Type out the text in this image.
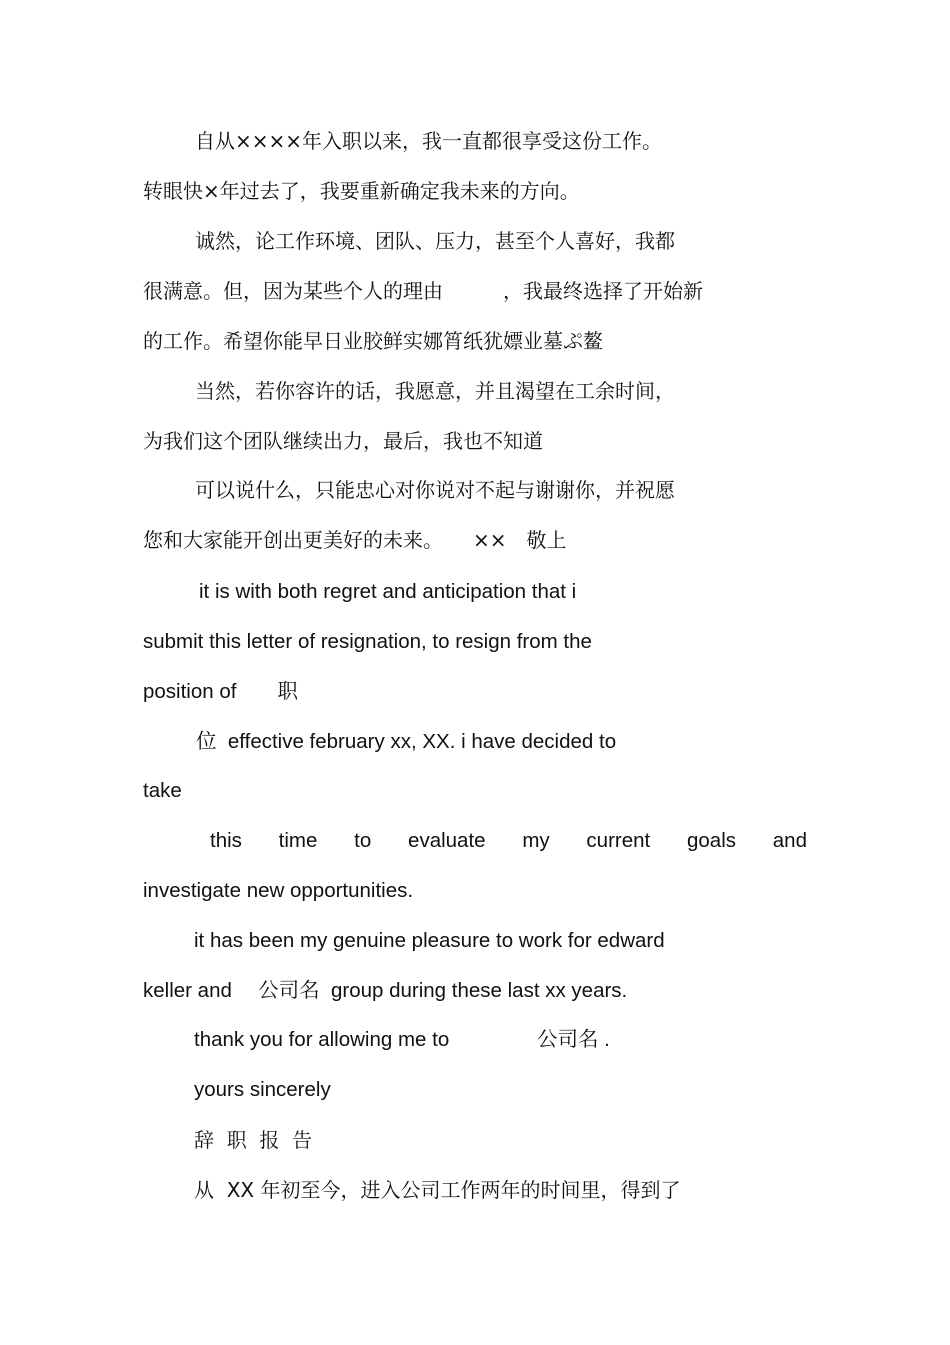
自从××××年入职以来，我一直都很享受这份工作。
转眼快×年过去了，我要重新确定我未来的方向。
诚然，论工作环境、团队、压力，甚至个人喜好，我都
很满意。但，因为某些个人的理由　　　，我最终选择了开始新
的工作。希望你能早日业胶鲜实娜筲纸犹嫖业墓ぷ鳌
当然，若你容许的话，我愿意，并且渴望在工余时间，
为我们这个团队继续出力，最后，我也不知道
可以说什么，只能忠心对你说对不起与谢谢你，并祝愿
您和大家能开创出更美好的未来。　　××　敬上
it is with both regret and anticipation that i
submit this letter of resignation, to resign from the
position of　　职
位  effective february xx, XX. i have decided to
take
this time to evaluate my current goals and
investigate new opportunities.
it has been my genuine pleasure to work for edward
keller and　 公司名  group during these last xx years.
thank you for allowing me to　　　　 公司名 .
yours sincerely
辞  职  报  告
从  XX 年初至今，进入公司工作两年的时间里，得到了
